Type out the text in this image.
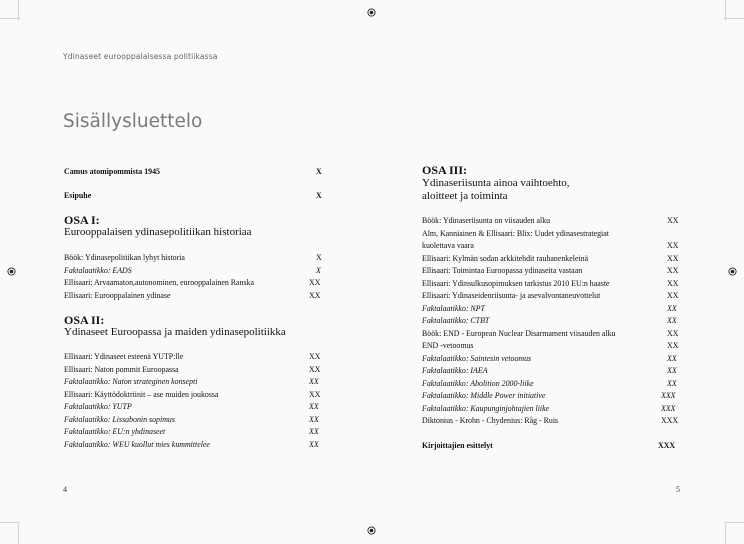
Ydinaseet eurooppalaisessa politiikassa
Sisällysluettelo
Camus atomipommista 1945	X
Esipuhe	X
OSA I:
Eurooppalaisen ydinasepolitiikan historiaa
Böök: Ydinasepolitiikan lyhyt historia	X
Faktalaatikko: EADS	X
Ellisaari: Arvaamaton,autonominen, eurooppalainen Ranska	XX
Ellisaari: Eurooppalainen ydinase	XX
OSA II:
Ydinaseet Euroopassa ja maiden ydinasepolitiikka
Ellisaari: Ydinaseet esteenä YUTP:lle	XX
Ellisaari: Naton pommit Euroopassa	XX
Faktalaatikko: Naton strateginen konsepti	XX
Ellisaari: Käyttödoktriinit – ase muiden joukossa	XX
Faktalaatikko: YUTP	XX
Faktalaatikko: Lissabonin sopimus	XX
Faktalaatikko: EU:n yhdinaseet	XX
Faktalaatikko: WEU kuollut mies kummittelee	XX
4
OSA III:
Ydinaseriisunta ainoa vaihtoehto,
aloitteet ja toiminta
Böök: Ydinaseriisunta on viisauden alku	XX
Alm, Kanniainen & Ellisaari: Blix: Uudet ydinasestrategiat
kuolettava vaara	XX
Ellisaari: Kylmän sodan arkkitehdit rauhanenkeleinä	XX
Ellisaari: Toimintaa Euroopassa ydinaseita vastaan	XX
Ellisaari: Ydinsulkusopimuksen tarkistus 2010 EU:n haaste	XX
Ellisaari: Ydinaseidenriisunta- ja asevalvontaneuvottelut	XX
Faktalaatikko: NPT	XX
Faktalaatikko: CTBT	XX
Böök: END - European Nuclear Disarmament viisauden alku	XX
END -vetoomus	XX
Faktalaatikko: Saintesin vetoomus	XX
Faktalaatikko: IAEA	XX
Faktalaatikko: Abolition 2000-liike	XX
Faktalaatikko: Middle Power initiative	XXX
Faktalaatikko: Kaupunginjohtajien liike	XXX
Diktonius - Krohn - Chydenius: Råg - Ruis	XXX
Kirjoittajien esittelyt	XXX
5
